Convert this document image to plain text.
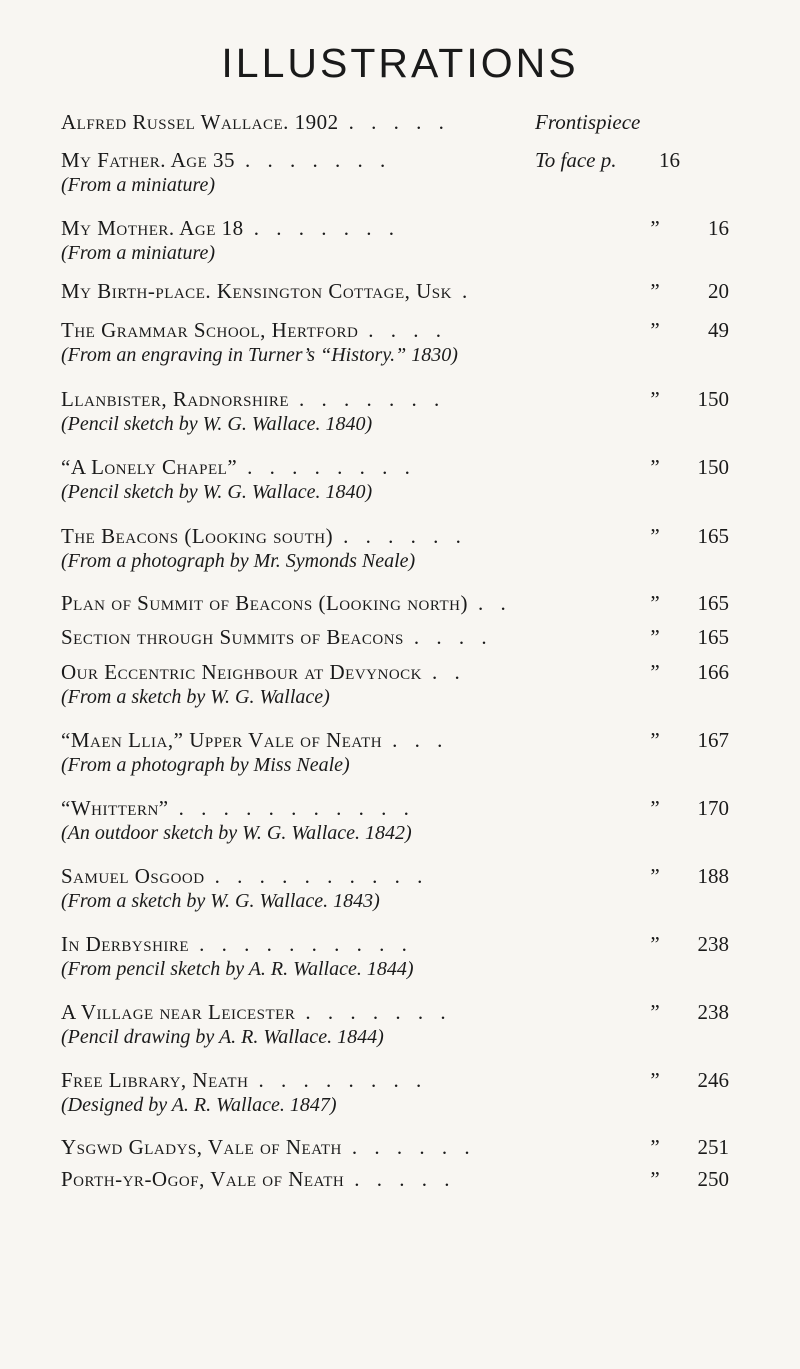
ILLUSTRATIONS
Alfred Russel Wallace. 1902 . . . . .	Frontispiece
My Father. Age 35 . . . . . . .	To face p.	16
(From a miniature)
My Mother. Age 18 . . . . . . .	”	16
(From a miniature)
My Birth-place. Kensington Cottage, Usk .	”	20
The Grammar School, Hertford . . . .	”	49
(From an engraving in Turner’s “History.” 1830)
Llanbister, Radnorshire . . . . . . .	”	150
(Pencil sketch by W. G. Wallace. 1840)
“A Lonely Chapel” . . . . . . . .	”	150
(Pencil sketch by W. G. Wallace. 1840)
The Beacons (Looking south) . . . . . .	”	165
(From a photograph by Mr. Symonds Neale)
Plan of Summit of Beacons (Looking north) . .	”	165
Section through Summits of Beacons . . . .	”	165
Our Eccentric Neighbour at Devynock . .	”	166
(From a sketch by W. G. Wallace)
“Maen Llia,” Upper Vale of Neath . . .	”	167
(From a photograph by Miss Neale)
“Whittern” . . . . . . . . . . .	”	170
(An outdoor sketch by W. G. Wallace. 1842)
Samuel Osgood . . . . . . . . . .	”	188
(From a sketch by W. G. Wallace. 1843)
In Derbyshire . . . . . . . . . .	”	238
(From pencil sketch by A. R. Wallace. 1844)
A Village near Leicester . . . . . . .	”	238
(Pencil drawing by A. R. Wallace. 1844)
Free Library, Neath . . . . . . . .	”	246
(Designed by A. R. Wallace. 1847)
Ysgwd Gladys, Vale of Neath . . . . . .	”	251
Porth-yr-Ogof, Vale of Neath . . . . .	”	250
